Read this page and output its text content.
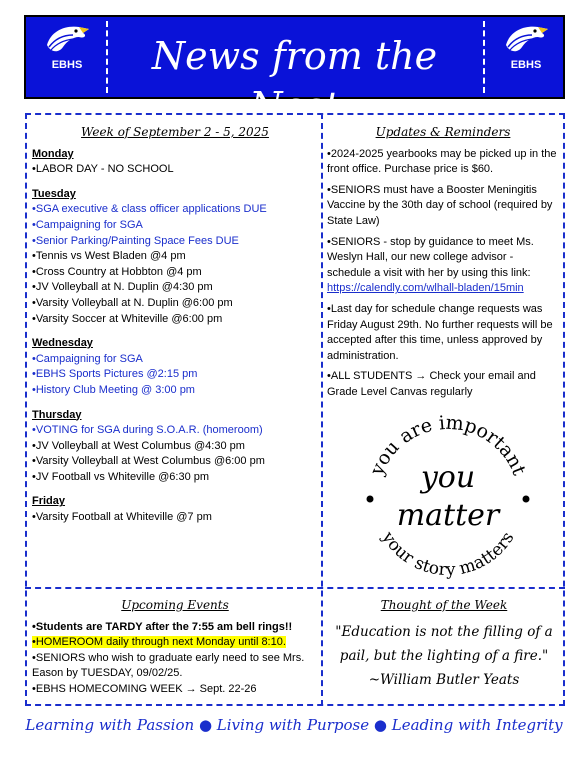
EBHS	News from the Nest
EBHS
Week of September 2 - 5, 2025
Monday
•LABOR DAY - NO SCHOOL
Tuesday
•SGA executive & class officer applications DUE
•Campaigning for SGA
•Senior Parking/Painting Space Fees DUE
•Tennis vs West Bladen @4 pm
•Cross Country at Hobbton @4 pm
•JV Volleyball at N. Duplin @4:30 pm
•Varsity Volleyball at N. Duplin @6:00 pm
•Varsity Soccer at Whiteville @6:00 pm
Wednesday
•Campaigning for SGA
•EBHS Sports Pictures @2:15 pm
•History Club Meeting @ 3:00 pm
Thursday
•VOTING for SGA during S.O.A.R. (homeroom)
•JV Volleyball at West Columbus @4:30 pm
•Varsity Volleyball at West Columbus @6:00 pm
•JV Football vs Whiteville @6:30 pm
Friday
•Varsity Football at Whiteville @7 pm
Updates & Reminders
•2024-2025 yearbooks may be picked up in the front office. Purchase price is $60.
•SENIORS must have a Booster Meningitis Vaccine by the 30th day of school (required by State Law)
•SENIORS - stop by guidance to meet Ms. Weslyn Hall, our new college advisor - schedule a visit with her by using this link: https://calendly.com/wlhall-bladen/15min
•Last day for schedule change requests was Friday August 29th. No further requests will be accepted after this time, unless approved by administration.
•ALL STUDENTS → Check your email and Grade Level Canvas regularly
you are important
your story matters
you
matter
Upcoming Events
•Students are TARDY after the 7:55 am bell rings!!
•HOMEROOM daily through next Monday until 8:10.
•SENIORS who wish to graduate early need to see Mrs. Eason by TUESDAY, 09/02/25.
•EBHS HOMECOMING WEEK → Sept. 22-26
Thought of the Week
"Education is not the filling of a pail, but the lighting of a fire."
~William Butler Yeats
Learning with Passion ● Living with Purpose ● Leading with Integrity
